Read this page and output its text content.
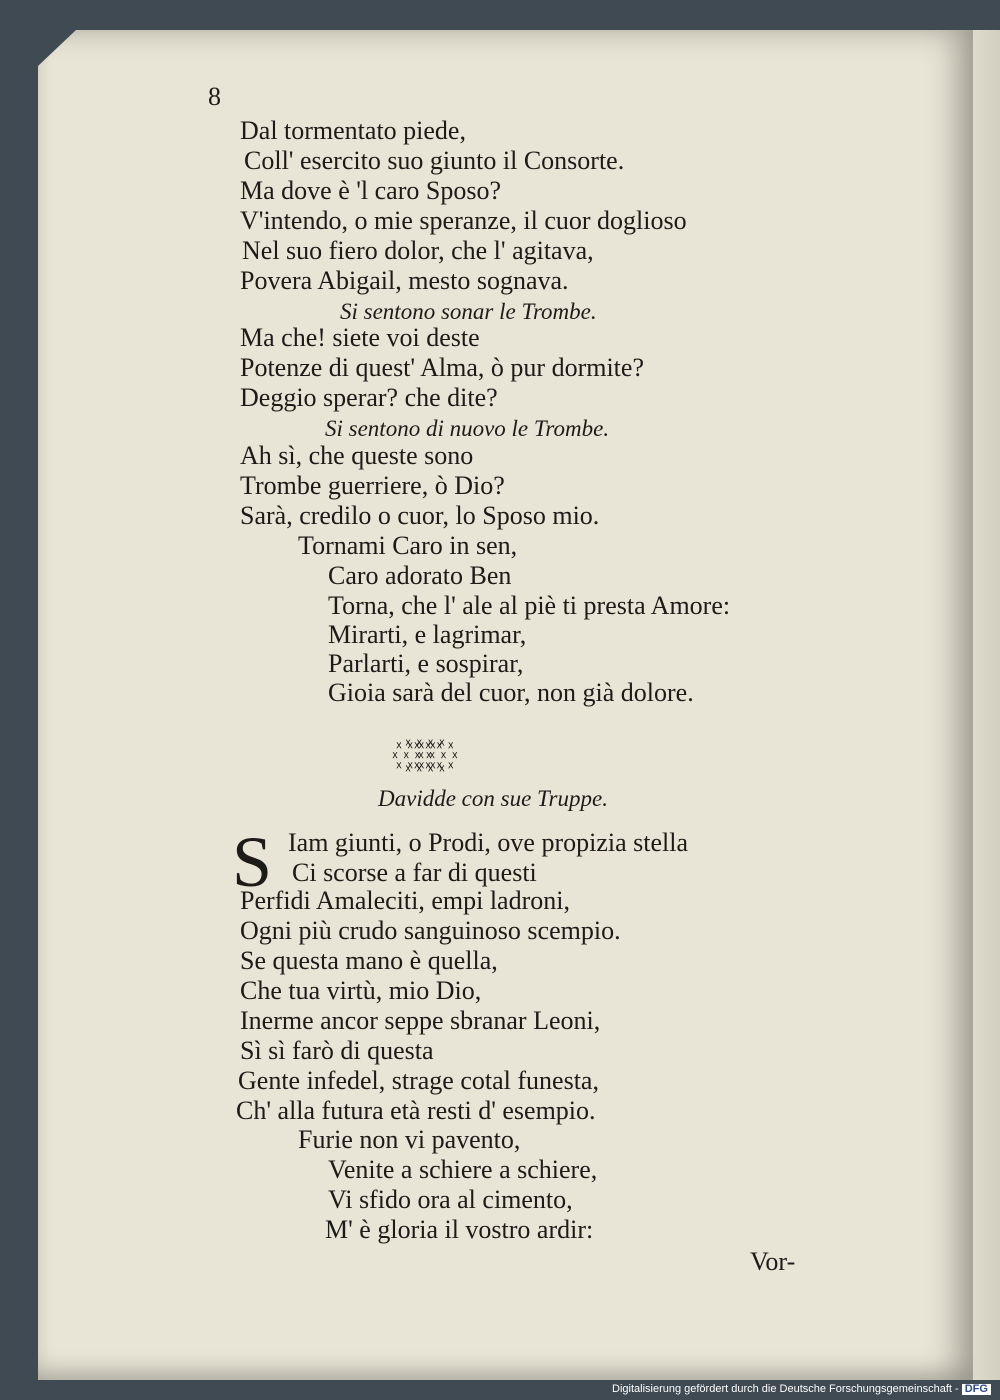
8
Dal tormentato piede,
Coll' esercito suo giunto il Consorte.
Ma dove è 'l caro Sposo?
V'intendo, o mie speranze, il cuor doglioso
Nel suo fiero dolor, che l' agitava,
Povera Abigail, mesto sognava.
Si sentono sonar le Trombe.
Ma che! siete voi deste
Potenze di quest' Alma, ò pur dormite?
Deggio sperar? che dite?
Si sentono di nuovo le Trombe.
Ah sì, che queste sono
Trombe guerriere, ò Dio?
Sarà, credilo o cuor, lo Sposo mio.
Tornami Caro in sen,
Caro adorato Ben
Torna, che l' ale al piè ti presta Amore:
Mirarti, e lagrimar,
Parlarti, e sospirar,
Gioia sarà del cuor, non già dolore.
꙰꙰ ꙰꙰ ꙰꙰ ꙰꙰
Davidde con sue Truppe.
S Iam giunti, o Prodi, ove propizia stella
Ci scorse a far di questi
Perfidi Amaleciti, empi ladroni,
Ogni più crudo sanguinoso scempio.
Se questa mano è quella,
Che tua virtù, mio Dio,
Inerme ancor seppe sbranar Leoni,
Sì sì farò di questa
Gente infedel, strage cotal funesta,
Ch' alla futura età resti d' esempio.
Furie non vi pavento,
Venite a schiere a schiere,
Vi sfido ora al cimento,
M' è gloria il vostro ardir:
Vor-
Digitalisierung gefördert durch die Deutsche Forschungsgemeinschaft - DFG
